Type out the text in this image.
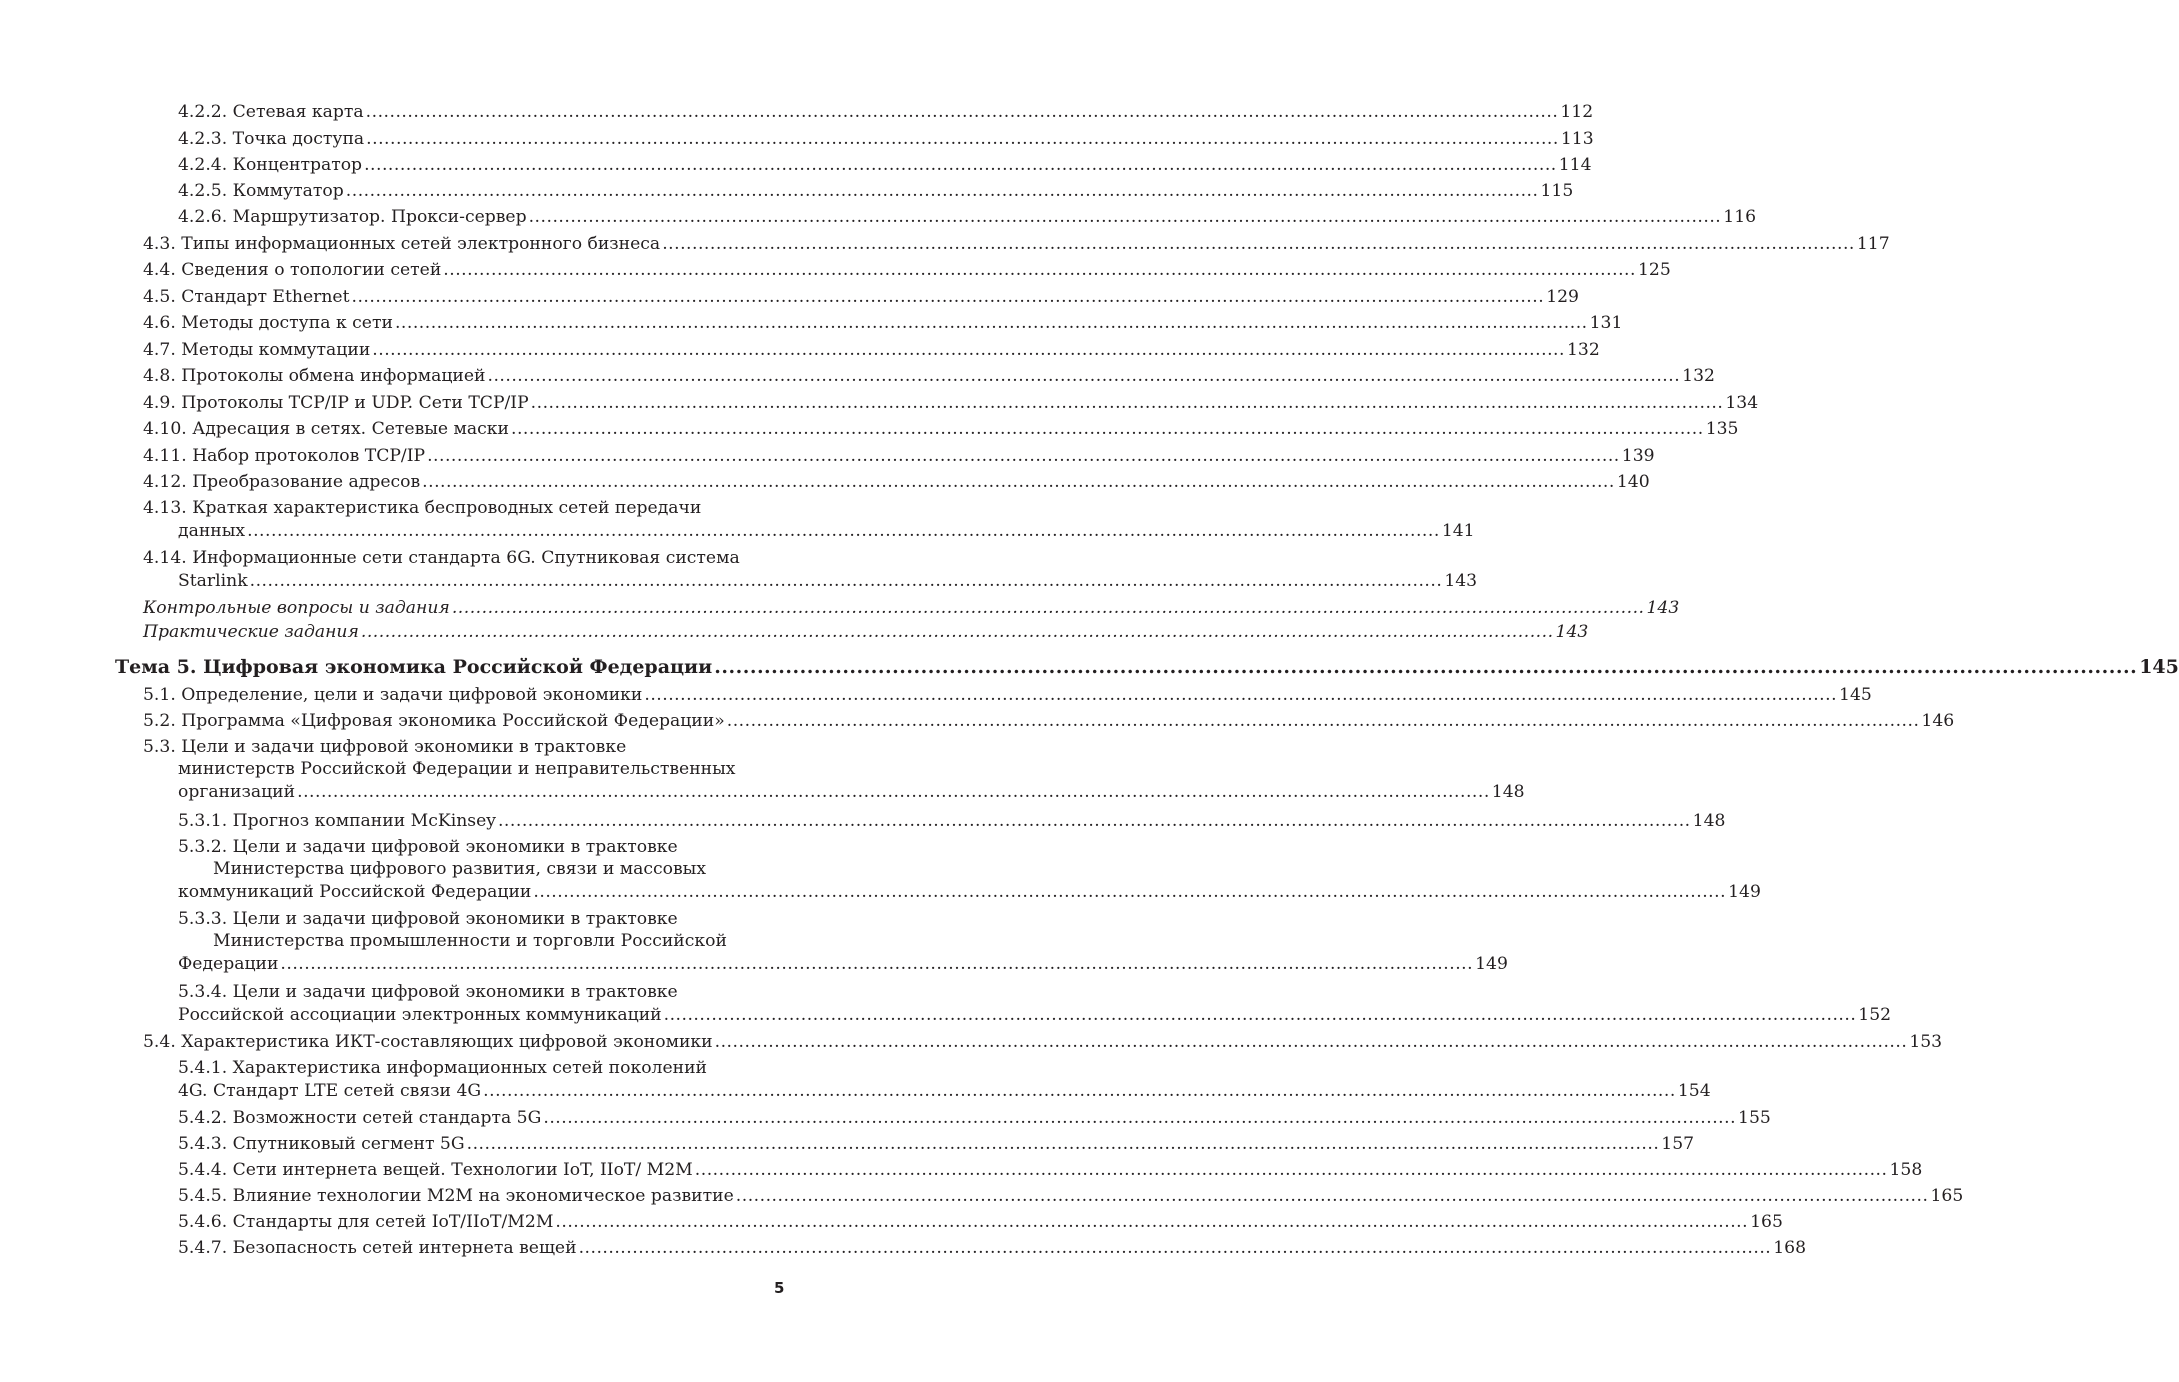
4.2.2. Сетевая карта ........................................................................................................................................................................................................ 112
4.2.3. Точка доступа ........................................................................................................................................................................................................ 113
4.2.4. Концентратор ........................................................................................................................................................................................................ 114
4.2.5. Коммутатор ........................................................................................................................................................................................................ 115
4.2.6. Маршрутизатор. Прокси-сервер ........................................................................................................................................................................................................ 116
4.3. Типы информационных сетей электронного бизнеса ........................................................................................................................................................................................................ 117
4.4. Сведения о топологии сетей ........................................................................................................................................................................................................ 125
4.5. Стандарт Ethernet ........................................................................................................................................................................................................ 129
4.6. Методы доступа к сети ........................................................................................................................................................................................................ 131
4.7. Методы коммутации ........................................................................................................................................................................................................ 132
4.8. Протоколы обмена информацией ........................................................................................................................................................................................................ 132
4.9. Протоколы TCP/IP и UDP. Сети TCP/IP ........................................................................................................................................................................................................ 134
4.10. Адресация в сетях. Сетевые маски ........................................................................................................................................................................................................ 135
4.11. Набор протоколов TCP/IP ........................................................................................................................................................................................................ 139
4.12. Преобразование адресов ........................................................................................................................................................................................................ 140
4.13. Краткая характеристика беспроводных сетей передачи
данных ........................................................................................................................................................................................................ 141
4.14. Информационные сети стандарта 6G. Спутниковая система
Starlink ........................................................................................................................................................................................................ 143
Контрольные вопросы и задания ........................................................................................................................................................................................................ 143
Практические задания ........................................................................................................................................................................................................ 143
Тема 5. Цифровая экономика Российской Федерации ........................................................................................................................................................................................................ 145
5.1. Определение, цели и задачи цифровой экономики ........................................................................................................................................................................................................ 145
5.2. Программа «Цифровая экономика Российской Федерации» ........................................................................................................................................................................................................ 146
5.3. Цели и задачи цифровой экономики в трактовке
министерств Российской Федерации и неправительственных
организаций ........................................................................................................................................................................................................ 148
5.3.1. Прогноз компании McKinsey ........................................................................................................................................................................................................ 148
5.3.2. Цели и задачи цифровой экономики в трактовке
Министерства цифрового развития, связи и массовых
коммуникаций Российской Федерации ........................................................................................................................................................................................................ 149
5.3.3. Цели и задачи цифровой экономики в трактовке
Министерства промышленности и торговли Российской
Федерации ........................................................................................................................................................................................................ 149
5.3.4. Цели и задачи цифровой экономики в трактовке
Российской ассоциации электронных коммуникаций ........................................................................................................................................................................................................ 152
5.4. Характеристика ИКТ-составляющих цифровой экономики ........................................................................................................................................................................................................ 153
5.4.1. Характеристика информационных сетей поколений
4G. Стандарт LTE сетей связи 4G ........................................................................................................................................................................................................ 154
5.4.2. Возможности сетей стандарта 5G ........................................................................................................................................................................................................ 155
5.4.3. Спутниковый сегмент 5G ........................................................................................................................................................................................................ 157
5.4.4. Сети интернета вещей. Технологии IoT, IIoT/ M2M ........................................................................................................................................................................................................ 158
5.4.5. Влияние технологии M2M на экономическое развитие ........................................................................................................................................................................................................ 165
5.4.6. Стандарты для сетей IoT/IIoT/M2M ........................................................................................................................................................................................................ 165
5.4.7. Безопасность сетей интернета вещей ........................................................................................................................................................................................................ 168
5
